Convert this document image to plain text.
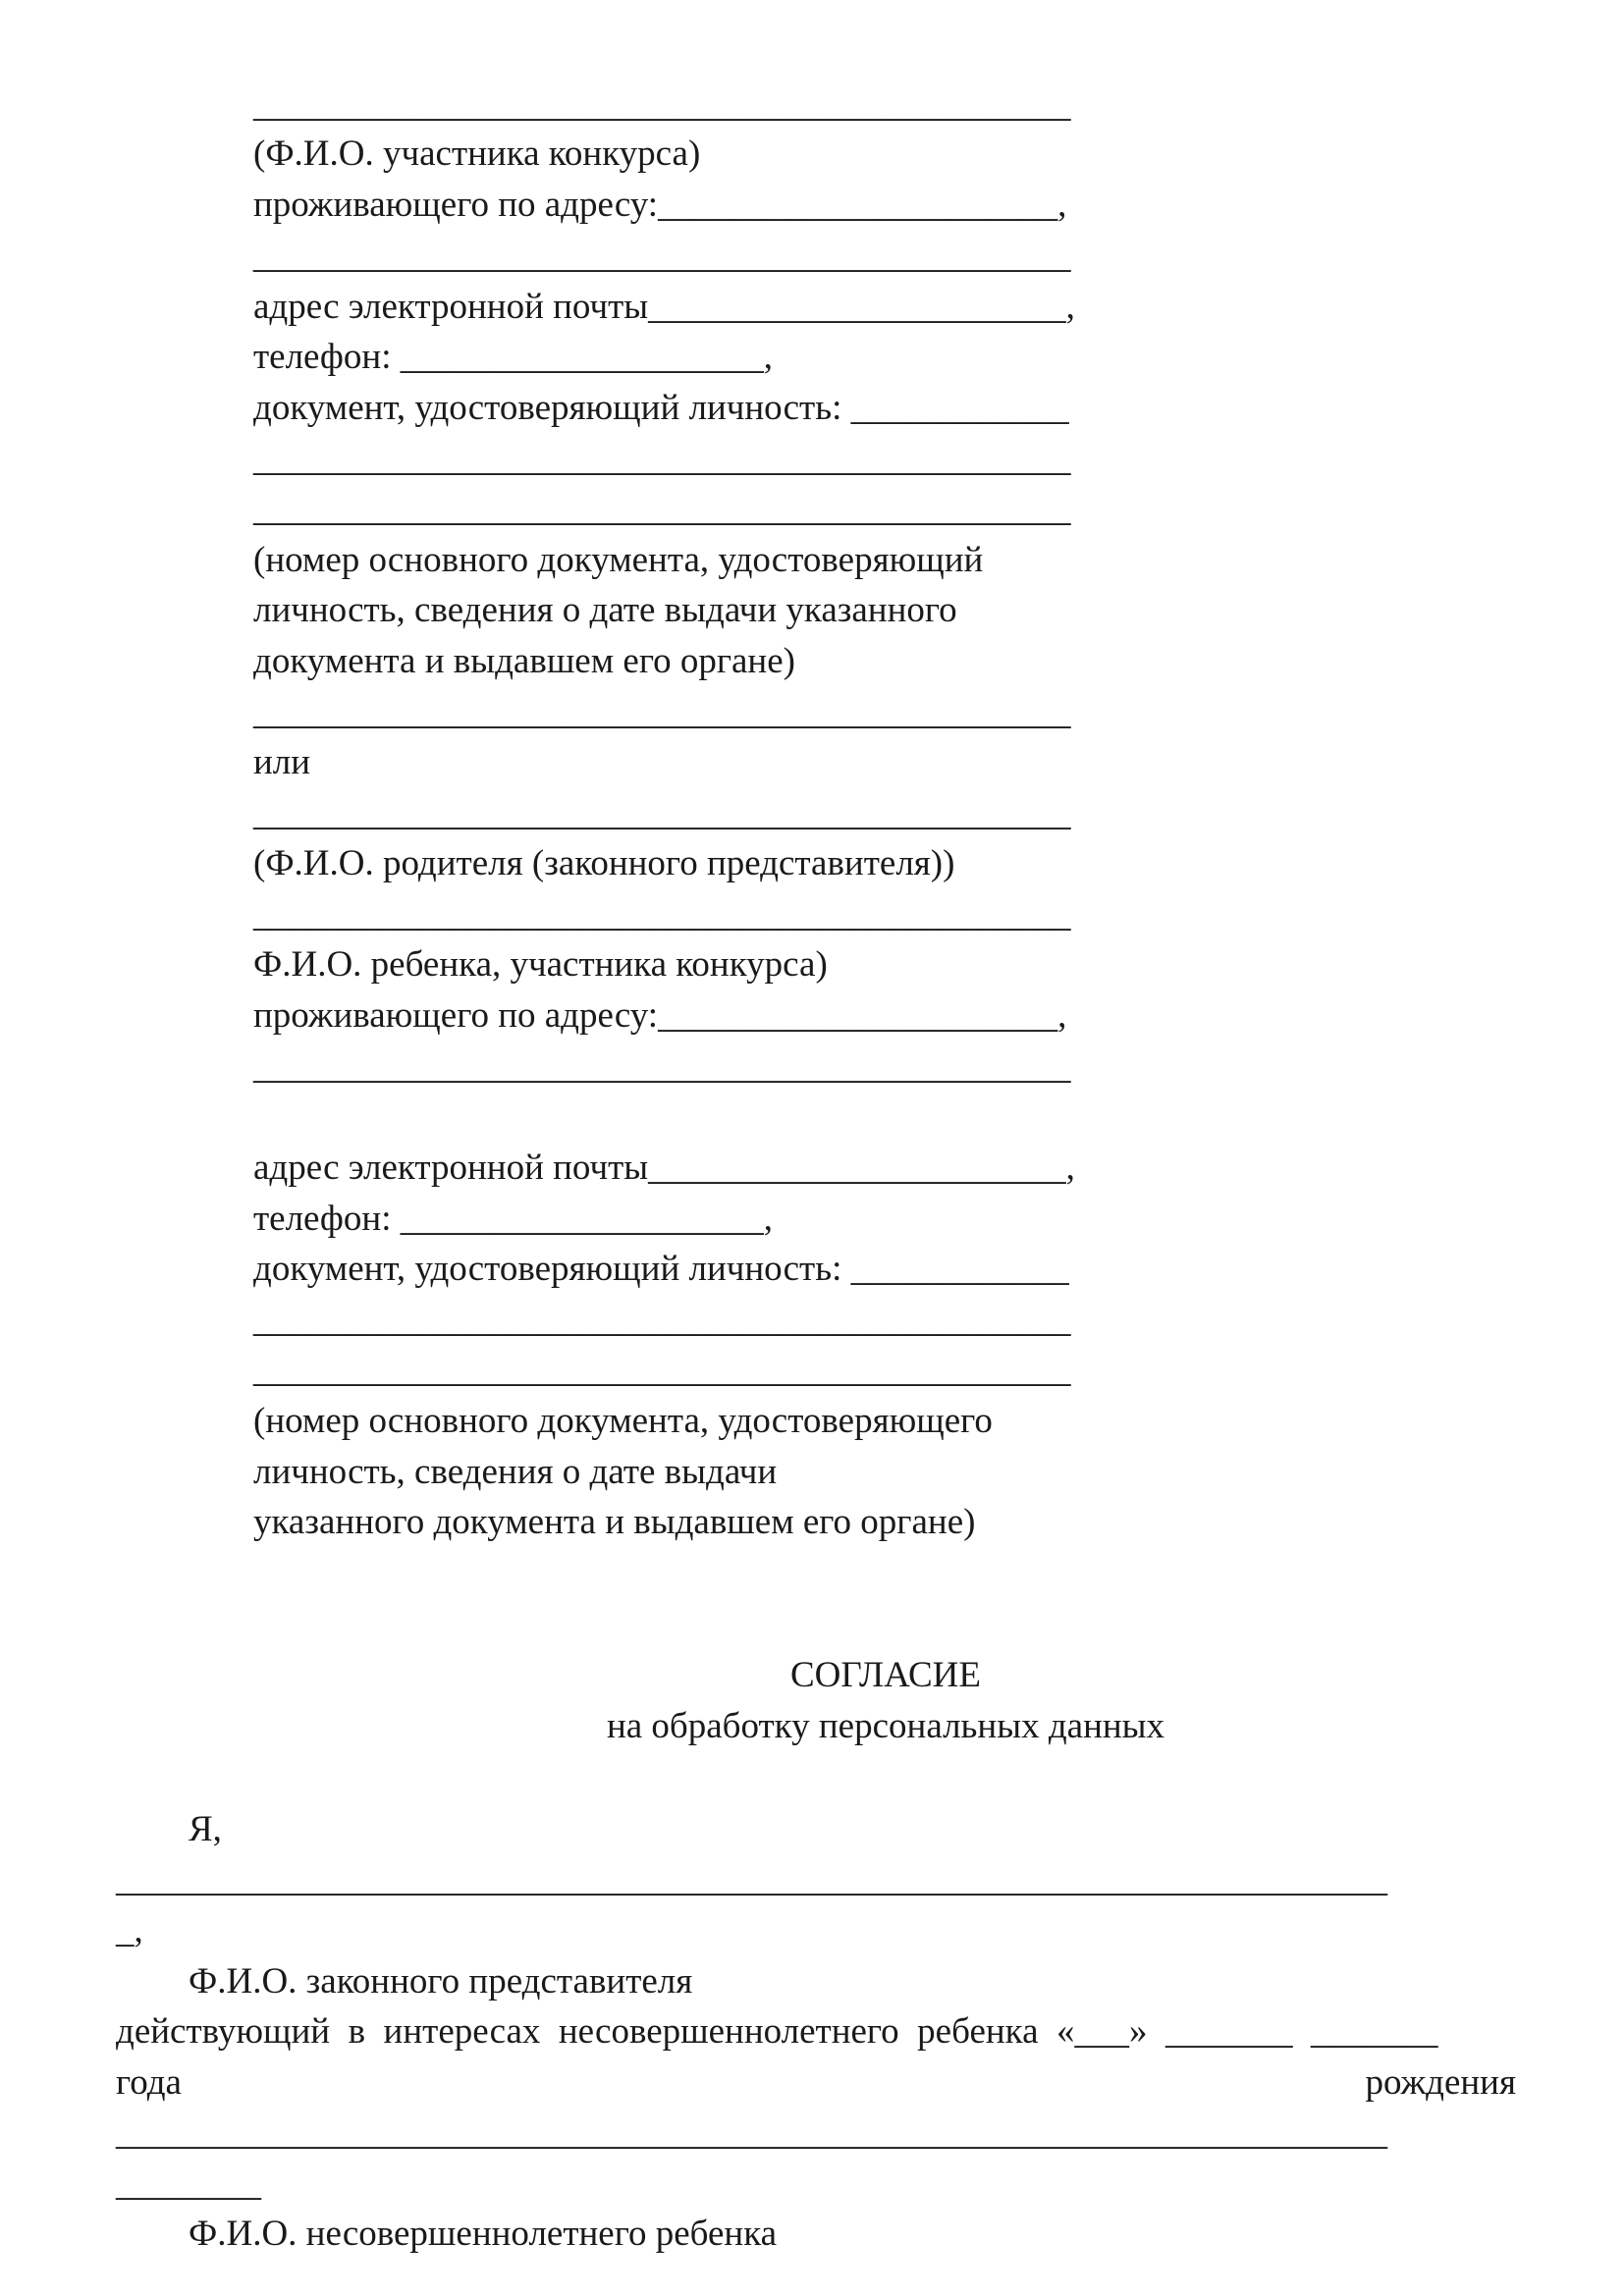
_____________________________________________
(Ф.И.О. участника конкурса)
проживающего по адресу:______________________,
_____________________________________________
адрес электронной почты_______________________,
телефон: ____________________,
документ, удостоверяющий личность: ____________
_____________________________________________
_____________________________________________
(номер основного документа, удостоверяющий
личность, сведения о дате выдачи указанного
документа и выдавшем его органе)
_____________________________________________
или
_____________________________________________
(Ф.И.О. родителя (законного представителя))
_____________________________________________
Ф.И.О. ребенка, участника конкурса)
проживающего по адресу:______________________,
_____________________________________________
адрес электронной почты_______________________,
телефон: ____________________,
документ, удостоверяющий личность: ____________
_____________________________________________
_____________________________________________
(номер основного документа, удостоверяющего
личность, сведения о дате выдачи
указанного документа и выдавшем его органе)
СОГЛАСИЕ
на обработку персональных данных
Я,
______________________________________________________________________
_,
Ф.И.О. законного представителя
действующий  в  интересах  несовершеннолетнего  ребенка  «___»  _______  _______
года	рождения
______________________________________________________________________
________
Ф.И.О. несовершеннолетнего ребенка
